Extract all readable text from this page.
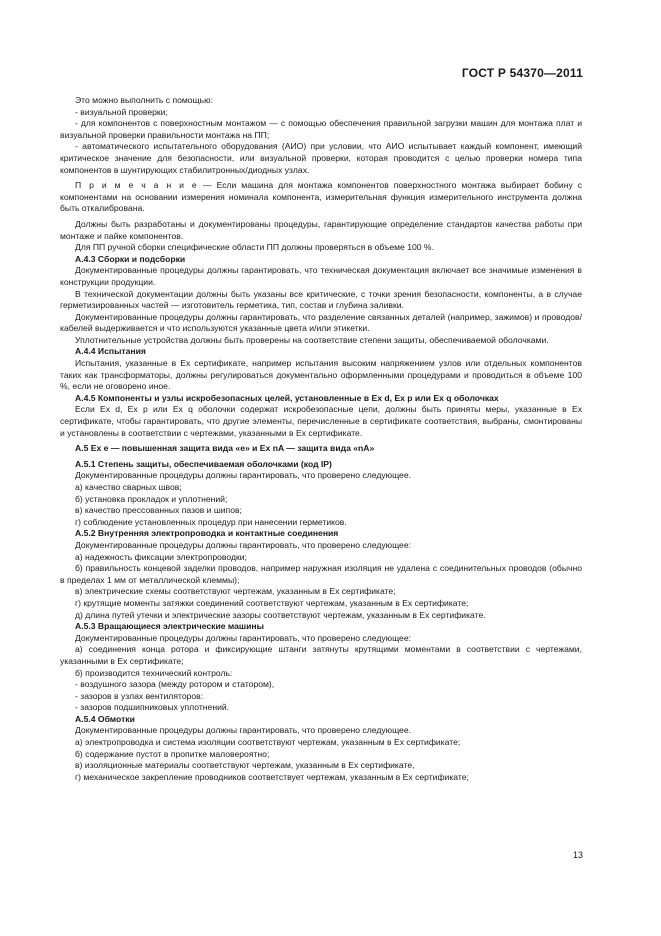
ГОСТ Р 54370—2011

Это можно выполнить с помощью:

- визуальной проверки;

- для компонентов с поверхностным монтажом — с помощью обеспечения правильной загрузки машин для монтажа плат и визуальной проверки правильности монтажа на ПП;

- автоматического испытательного оборудования (АИО) при условии, что АИО испытывает каждый компонент, имеющий критическое значение для безопасности, или визуальной проверки, которая проводится с целью проверки номера типа компонентов в шунтирующих стабилитронных/диодных узлах.

П р и м е ч а н и е — Если машина для монтажа компонентов поверхностного монтажа выбирает бобину с компонентами на основании измерения номинала компонента, измерительная функция измерительного инструмента должна быть откалибрована.

Должны быть разработаны и документированы процедуры, гарантирующие определение стандартов качества работы при монтаже и пайке компонентов.

Для ПП ручной сборки специфические области ПП должны проверяться в объеме 100 %.

А.4.3 Сборки и подсборки

Документированные процедуры должны гарантировать, что техническая документация включает все значимые изменения в конструкции продукции.

В технической документации должны быть указаны все критические, с точки зрения безопасности, компоненты, а в случае герметизированных частей — изготовитель герметика, тип, состав и глубина заливки.

Документированные процедуры должны гарантировать, что разделение связанных деталей (например, зажимов) и проводов/кабелей выдерживается и что используются указанные цвета и/или этикетки.

Уплотнительные устройства должны быть проверены на соответствие степени защиты, обеспечиваемой оболочками.

А.4.4 Испытания

Испытания, указанные в Ex сертификате, например испытания высоким напряжением узлов или отдельных компонентов таких как трансформаторы, должны регулироваться документально оформленными процедурами и проводиться в объеме 100 %, если не оговорено иное.

А.4.5 Компоненты и узлы искробезопасных целей, установленные в Ex d, Ex p или Ex q оболочках

Если Ex d, Ex p или Ex q оболочки содержат искробезопасные цепи, должны быть приняты меры, указанные в Ex сертификате, чтобы гарантировать, что другие элементы, перечисленные в сертификате соответствия, выбраны, смонтированы и установлены в соответствии с чертежами, указанными в Ex сертификате.

А.5 Ex e — повышенная защита вида «e» и Ex nA — защита вида «nA»

А.5.1 Степень защиты, обеспечиваемая оболочками (код IP)

Документированные процедуры должны гарантировать, что проверено следующее.

а) качество сварных швов;

б) установка прокладок и уплотнений;

в) качество прессованных пазов и шипов;

г) соблюдение установленных процедур при нанесении герметиков.

А.5.2 Внутренняя электропроводка и контактные соединения

Документированные процедуры должны гарантировать, что проверено следующее:

а) надежность фиксации электропроводки;

б) правильность концевой заделки проводов, например наружная изоляция не удалена с соединительных проводов (обычно в пределах 1 мм от металлической клеммы);

в) электрические схемы соответствуют чертежам, указанным в Ex сертификате;

г) крутящие моменты затяжки соединений соответствуют чертежам, указанным в Ex сертификате;

д) длина путей утечки и электрические зазоры соответствуют чертежам, указанным в Ex сертификате.

А.5.3 Вращающиеся электрические машины

Документированные процедуры должны гарантировать, что проверено следующее:

а) соединения конца ротора и фиксирующие штанги затянуты крутящими моментами в соответствии с чертежами, указанными в Ex сертификате;

б) производится технический контроль:

- воздушного зазора (между ротором и статором),

- зазоров в узлах вентиляторов:

- зазоров подшипниковых уплотнений.

А.5.4 Обмотки

Документированные процедуры должны гарантировать, что проверено следующее.

а) электропроводка и система изоляции соответствуют чертежам, указанным в Ex сертификате;

б) содержание пустот в пропитке маловероятно;

в) изоляционные материалы соответствуют чертежам, указанным в Ex сертификате,

г) механическое закрепление проводников соответствует чертежам, указанным в Ex сертификате;

13
